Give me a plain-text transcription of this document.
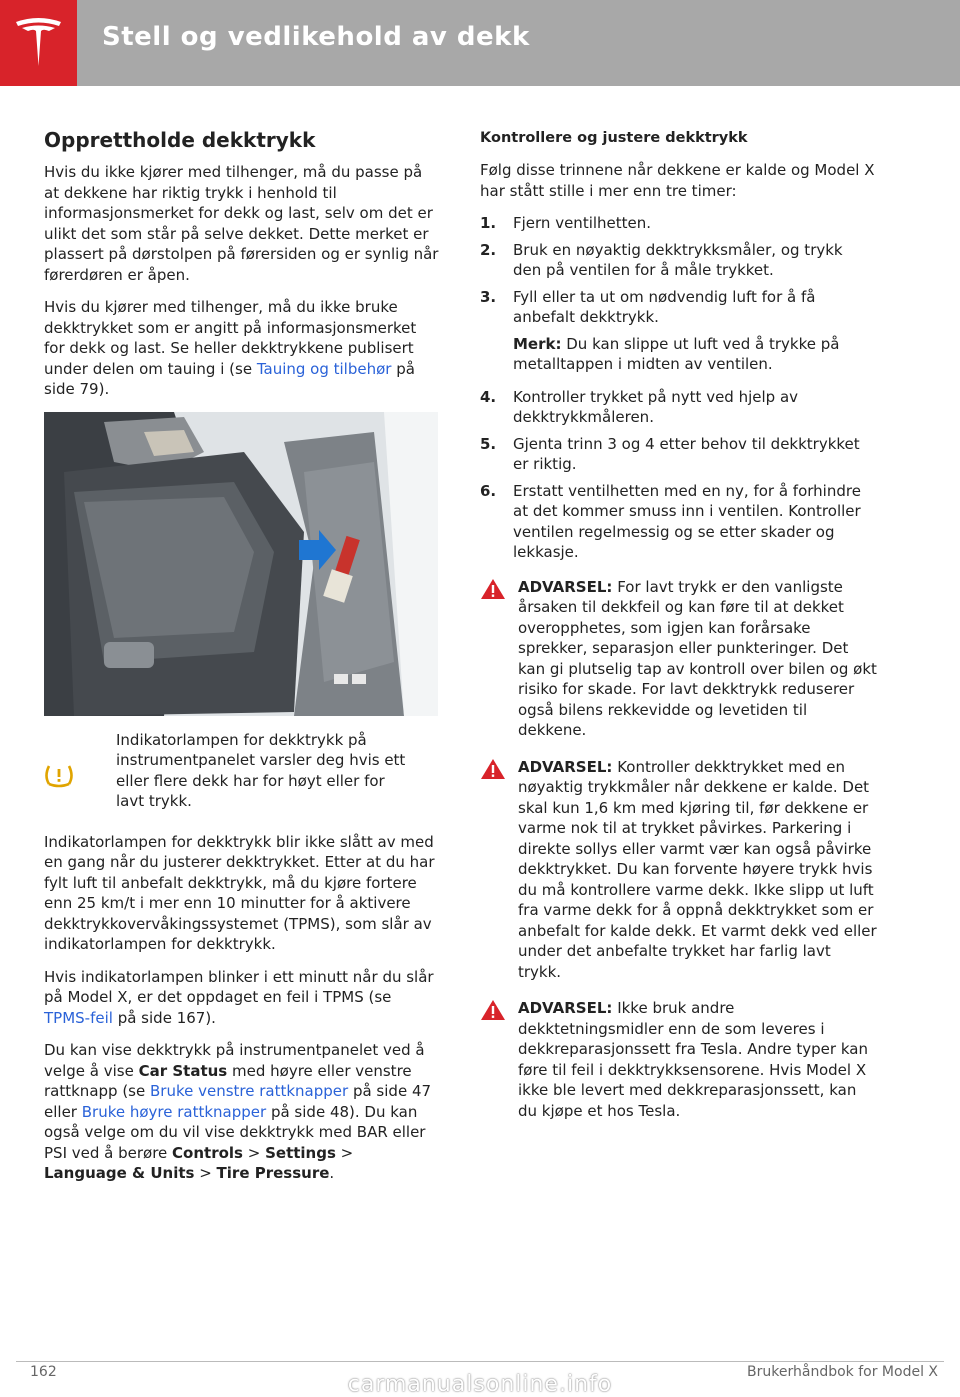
Stell og vedlikehold av dekk
Opprettholde dekktrykk

Hvis du ikke kjører med tilhenger, må du passe på at dekkene har riktig trykk i henhold til informasjonsmerket for dekk og last, selv om det er ulikt det som står på selve dekket. Dette merket er plassert på dørstolpen på førersiden og er synlig når førerdøren er åpen.

Hvis du kjører med tilhenger, må du ikke bruke dekktrykket som er angitt på informasjonsmerket for dekk og last. Se heller dekktrykkene publisert under delen om tauing i (se Tauing og tilbehør på side 79).

Indikatorlampen for dekktrykk på instrumentpanelet varsler deg hvis ett eller flere dekk har for høyt eller for lavt trykk.

Indikatorlampen for dekktrykk blir ikke slått av med en gang når du justerer dekktrykket. Etter at du har fylt luft til anbefalt dekktrykk, må du kjøre fortere enn 25 km/t i mer enn 10 minutter for å aktivere dekktrykkovervåkingssystemet (TPMS), som slår av indikatorlampen for dekktrykk.

Hvis indikatorlampen blinker i ett minutt når du slår på Model X, er det oppdaget en feil i TPMS (se TPMS-feil på side 167).

Du kan vise dekktrykk på instrumentpanelet ved å velge å vise Car Status med høyre eller venstre rattknapp (se Bruke venstre rattknapper på side 47 eller Bruke høyre rattknapper på side 48). Du kan også velge om du vil vise dekktrykk med BAR eller PSI ved å berøre Controls > Settings > Language & Units > Tire Pressure.

Kontrollere og justere dekktrykk

Følg disse trinnene når dekkene er kalde og Model X har stått stille i mer enn tre timer:

1.	Fjern ventilhetten.
2.	Bruk en nøyaktig dekktrykksmåler, og trykk den på ventilen for å måle trykket.
3.	Fyll eller ta ut om nødvendig luft for å få anbefalt dekktrykk.
Merk: Du kan slippe ut luft ved å trykke på metalltappen i midten av ventilen.
4.	Kontroller trykket på nytt ved hjelp av dekktrykkmåleren.
5.	Gjenta trinn 3 og 4 etter behov til dekktrykket er riktig.
6.	Erstatt ventilhetten med en ny, for å forhindre at det kommer smuss inn i ventilen. Kontroller ventilen regelmessig og se etter skader og lekkasje.

ADVARSEL: For lavt trykk er den vanligste årsaken til dekkfeil og kan føre til at dekket overopphetes, som igjen kan forårsake sprekker, separasjon eller punkteringer. Det kan gi plutselig tap av kontroll over bilen og økt risiko for skade. For lavt dekktrykk reduserer også bilens rekkevidde og levetiden til dekkene.

ADVARSEL: Kontroller dekktrykket med en nøyaktig trykkmåler når dekkene er kalde. Det skal kun 1,6 km med kjøring til, før dekkene er varme nok til at trykket påvirkes. Parkering i direkte sollys eller varmt vær kan også påvirke dekktrykket. Du kan forvente høyere trykk hvis du må kontrollere varme dekk. Ikke slipp ut luft fra varme dekk for å oppnå dekktrykket som er anbefalt for kalde dekk. Et varmt dekk ved eller under det anbefalte trykket har farlig lavt trykk.

ADVARSEL: Ikke bruk andre dekktetningsmidler enn de som leveres i dekkreparasjonssett fra Tesla. Andre typer kan føre til feil i dekktrykksensorene. Hvis Model X ikke ble levert med dekkreparasjonssett, kan du kjøpe et hos Tesla.

162	Brukerhåndbok for Model X
carmanualsonline.info
